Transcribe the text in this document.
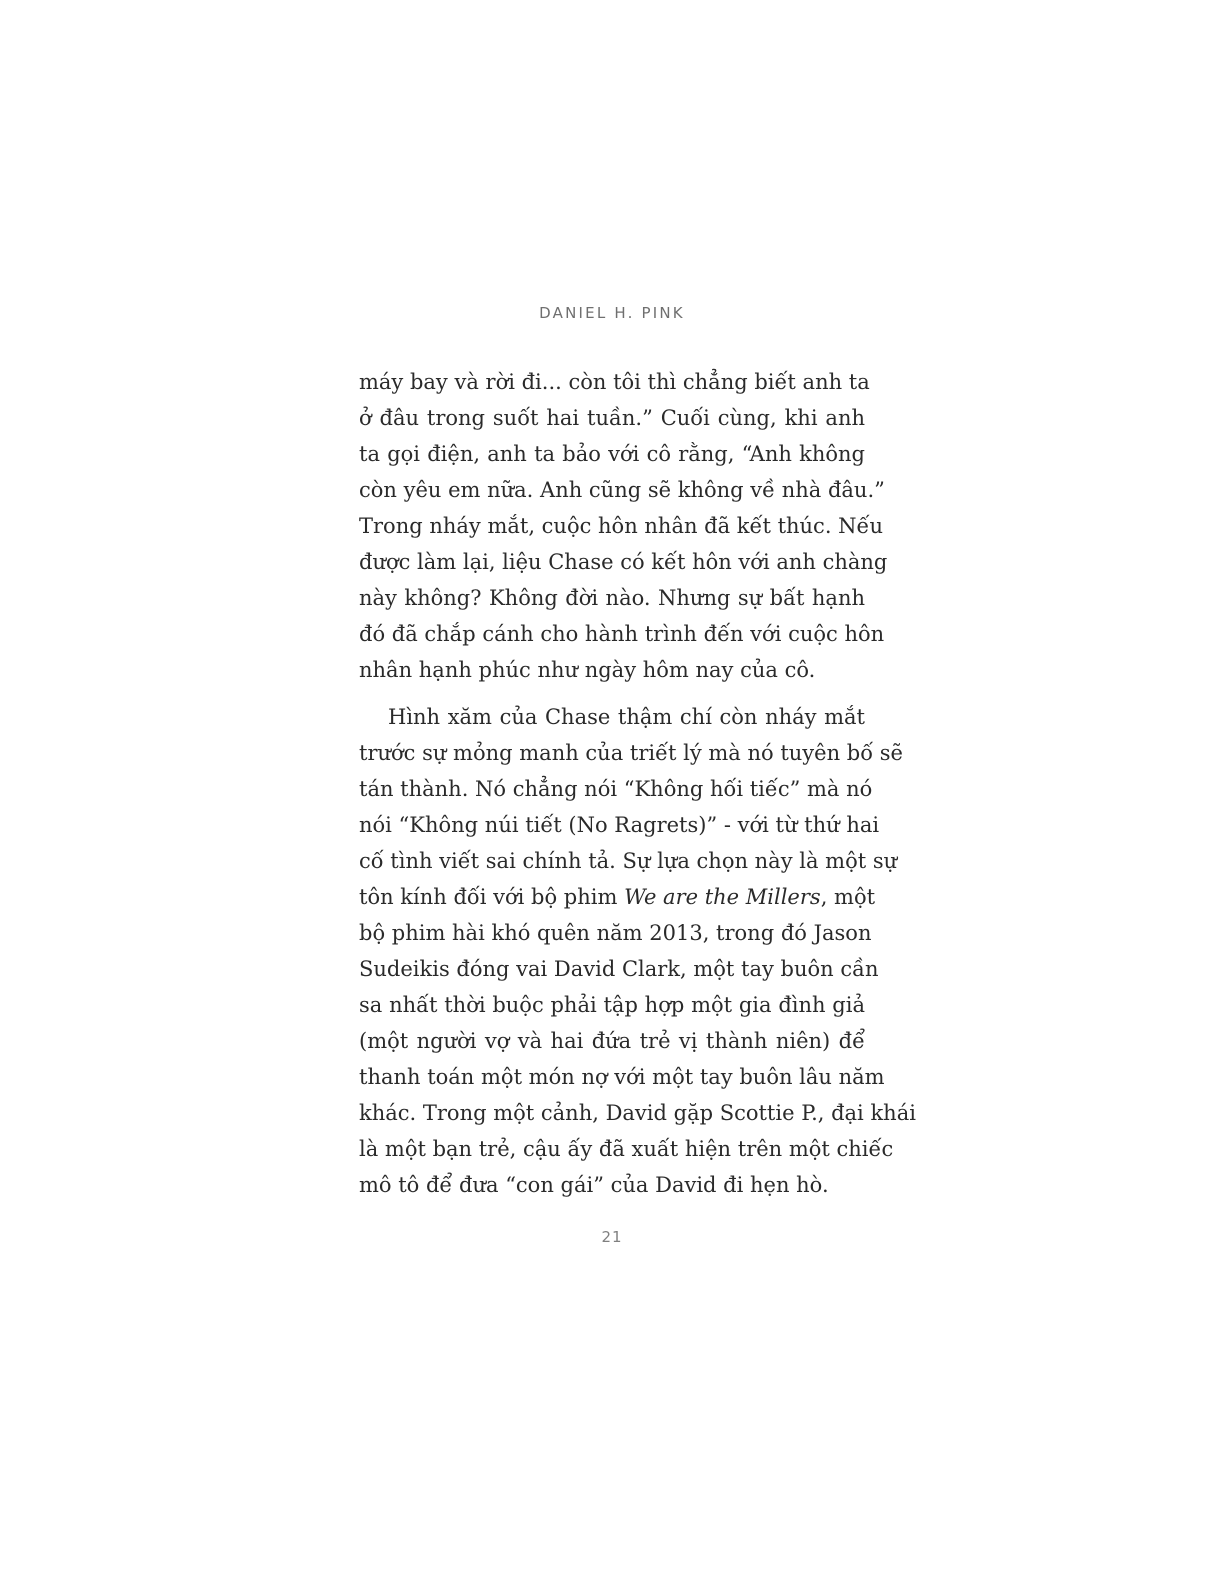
DANIEL H. PINK
máy bay và rời đi... còn tôi thì chẳng biết anh ta
ở đâu trong suốt hai tuần.” Cuối cùng, khi anh
ta gọi điện, anh ta bảo với cô rằng, “Anh không
còn yêu em nữa. Anh cũng sẽ không về nhà đâu.”
Trong nháy mắt, cuộc hôn nhân đã kết thúc. Nếu
được làm lại, liệu Chase có kết hôn với anh chàng
này không? Không đời nào. Nhưng sự bất hạnh
đó đã chắp cánh cho hành trình đến với cuộc hôn
nhân hạnh phúc như ngày hôm nay của cô.
Hình xăm của Chase thậm chí còn nháy mắt
trước sự mỏng manh của triết lý mà nó tuyên bố sẽ
tán thành. Nó chẳng nói “Không hối tiếc” mà nó
nói “Không núi tiết (No Ragrets)” - với từ thứ hai
cố tình viết sai chính tả. Sự lựa chọn này là một sự
tôn kính đối với bộ phim We are the Millers, một
bộ phim hài khó quên năm 2013, trong đó Jason
Sudeikis đóng vai David Clark, một tay buôn cần
sa nhất thời buộc phải tập hợp một gia đình giả
(một người vợ và hai đứa trẻ vị thành niên) để
thanh toán một món nợ với một tay buôn lâu năm
khác. Trong một cảnh, David gặp Scottie P., đại khái
là một bạn trẻ, cậu ấy đã xuất hiện trên một chiếc
mô tô để đưa “con gái” của David đi hẹn hò.
21
